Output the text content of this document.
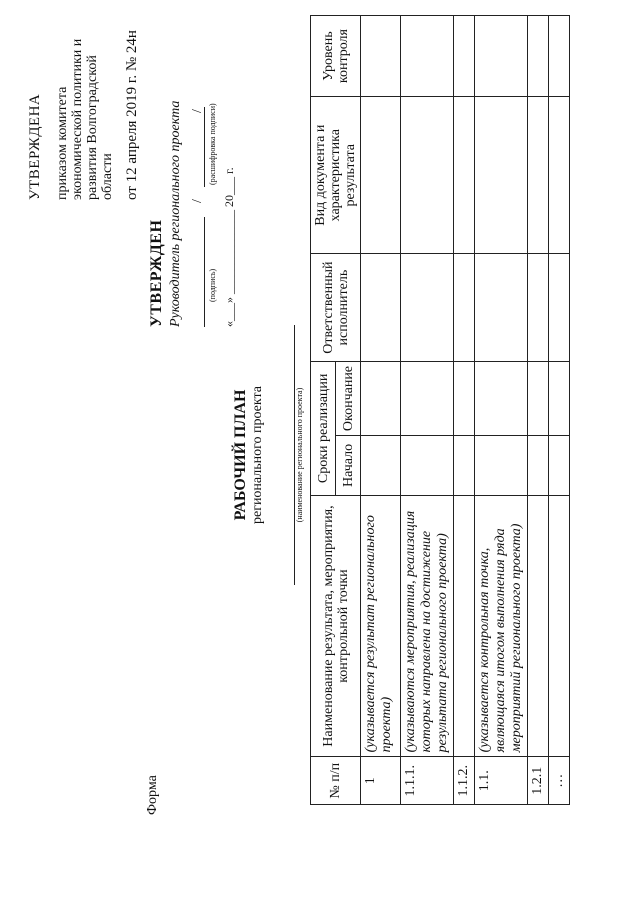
УТВЕРЖДЕНА приказом комитета экономической политики и развития Волгоградской области от 12 апреля 2019 г. № 24н
УТВЕРЖДЕН Руководитель регионального проекта /
/
(подпись)
(расшифровка подписи)
«___» ______________ 20___ г.
Форма
РАБОЧИЙ ПЛАН регионального проекта	(наименование регионального проекта)
№ п/п	Наименование результата, мероприятия, контрольной точки	Сроки реализации		Ответственный исполнитель	Вид документа и характеристика результата	Уровень контроля
		Начало	Окончание			
1	(указывается результат регионального проекта)					
1.1.1.	(указываются мероприятия, реализация которых направлена на достижение результата регионального проекта)					
1.1.2.						
1.1.	(указывается контрольная точка, являющаяся итогом выполнения ряда мероприятий регионального проекта)					
1.2.1						
…						
